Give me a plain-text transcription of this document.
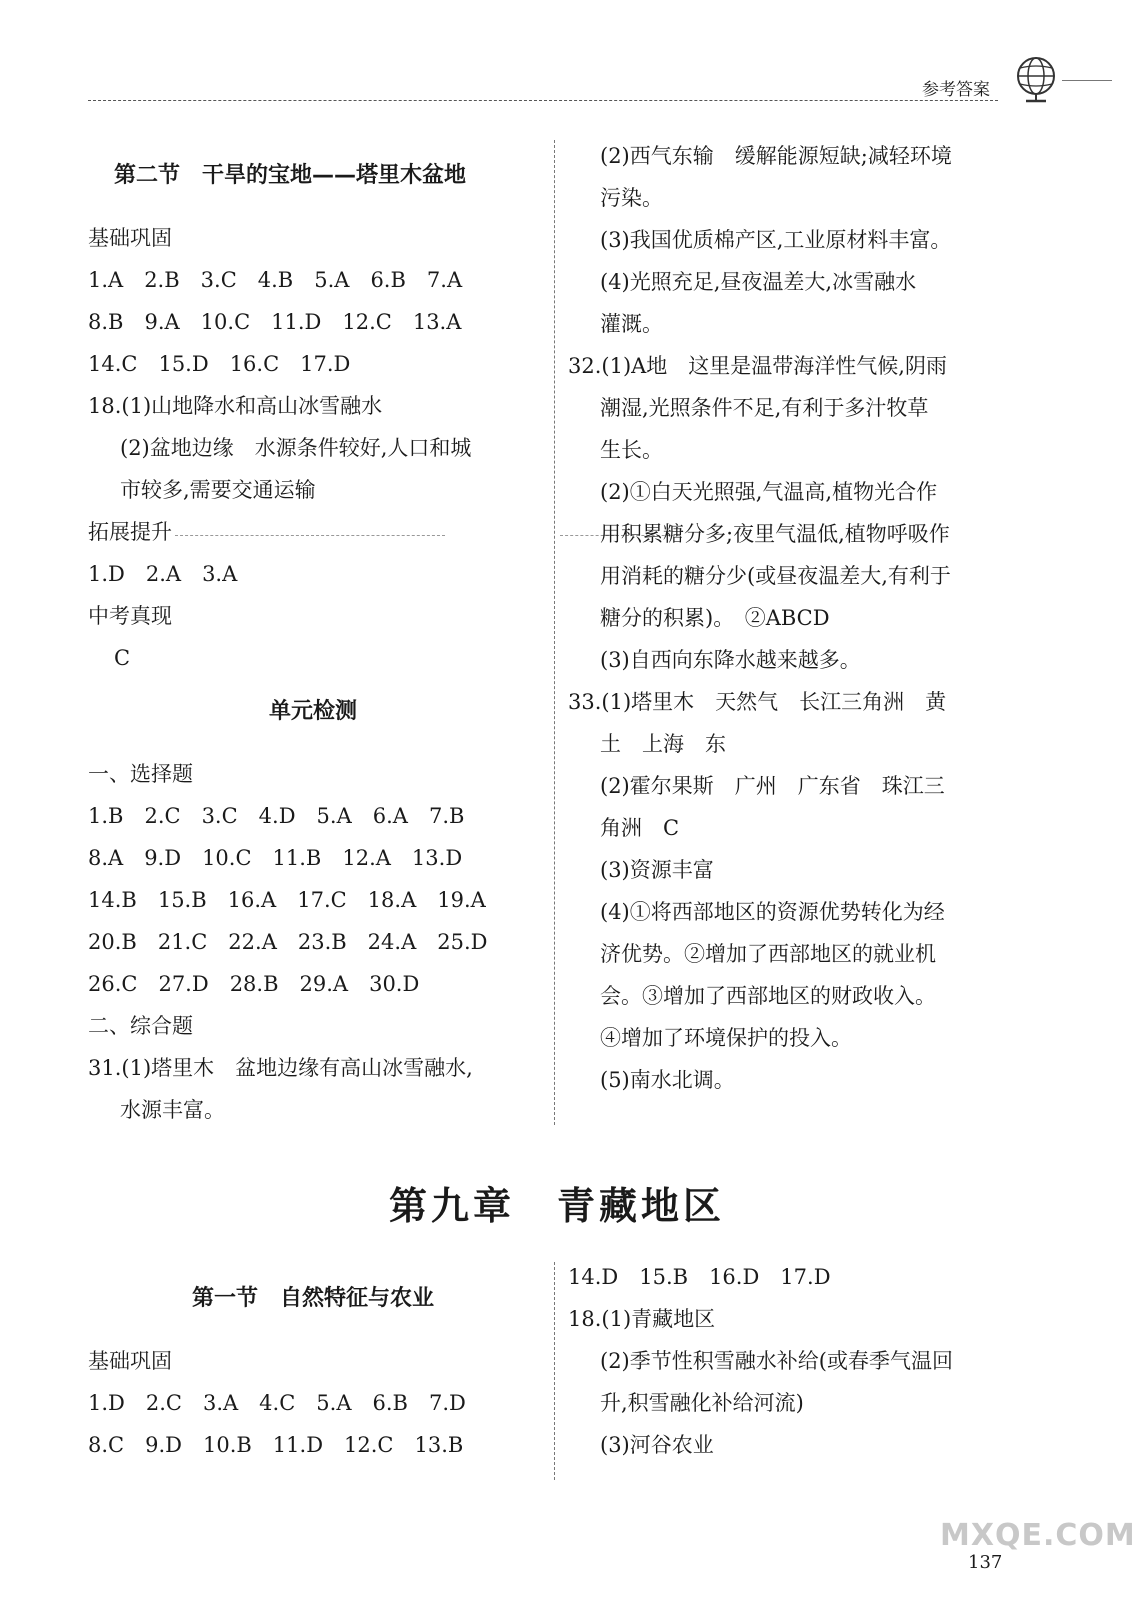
参考答案
第二节　干旱的宝地——塔里木盆地
基础巩固
1.A　2.B　3.C　4.B　5.A　6.B　7.A
8.B　9.A　10.C　11.D　12.C　13.A
14.C　15.D　16.C　17.D
18.(1)山地降水和高山冰雪融水
(2)盆地边缘　水源条件较好,人口和城
市较多,需要交通运输
拓展提升
1.D　2.A　3.A
中考真现
C
单元检测
一、选择题
1.B　2.C　3.C　4.D　5.A　6.A　7.B
8.A　9.D　10.C　11.B　12.A　13.D
14.B　15.B　16.A　17.C　18.A　19.A
20.B　21.C　22.A　23.B　24.A　25.D
26.C　27.D　28.B　29.A　30.D
二、综合题
31.(1)塔里木　盆地边缘有高山冰雪融水,
水源丰富。
(2)西气东输　缓解能源短缺;减轻环境
污染。
(3)我国优质棉产区,工业原材料丰富。
(4)光照充足,昼夜温差大,冰雪融水
灌溉。
32.(1)A地　这里是温带海洋性气候,阴雨
潮湿,光照条件不足,有利于多汁牧草
生长。
(2)①白天光照强,气温高,植物光合作
用积累糖分多;夜里气温低,植物呼吸作
用消耗的糖分少(或昼夜温差大,有利于
糖分的积累)。　②ABCD
(3)自西向东降水越来越多。
33.(1)塔里木　天然气　长江三角洲　黄
土　上海　东
(2)霍尔果斯　广州　广东省　珠江三
角洲　C
(3)资源丰富
(4)①将西部地区的资源优势转化为经
济优势。②增加了西部地区的就业机
会。③增加了西部地区的财政收入。
④增加了环境保护的投入。
(5)南水北调。
第九章　青藏地区
第一节　自然特征与农业
基础巩固
1.D　2.C　3.A　4.C　5.A　6.B　7.D
8.C　9.D　10.B　11.D　12.C　13.B
14.D　15.B　16.D　17.D
18.(1)青藏地区
(2)季节性积雪融水补给(或春季气温回
升,积雪融化补给河流)
(3)河谷农业
MXQE.COM
137
